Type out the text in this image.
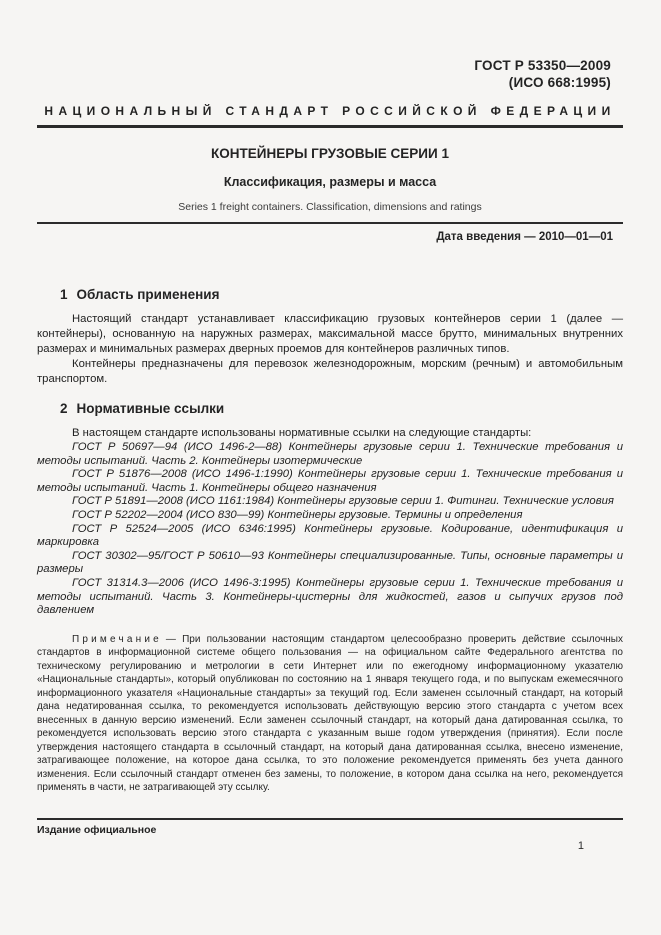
ГОСТ Р 53350—2009
(ИСО 668:1995)
НАЦИОНАЛЬНЫЙ СТАНДАРТ РОССИЙСКОЙ ФЕДЕРАЦИИ
КОНТЕЙНЕРЫ ГРУЗОВЫЕ СЕРИИ 1
Классификация, размеры и масса
Series 1 freight containers. Classification, dimensions and ratings
Дата введения — 2010—01—01
1 Область применения

Настоящий стандарт устанавливает классификацию грузовых контейнеров серии 1 (далее — контейнеры), основанную на наружных размерах, максимальной массе брутто, минимальных внутренних размерах и минимальных размерах дверных проемов для контейнеров различных типов.

Контейнеры предназначены для перевозок железнодорожным, морским (речным) и автомобильным транспортом.

2 Нормативные ссылки

В настоящем стандарте использованы нормативные ссылки на следующие стандарты:

ГОСТ Р 50697—94 (ИСО 1496-2—88) Контейнеры грузовые серии 1. Технические требования и методы испытаний. Часть 2. Контейнеры изотермические

ГОСТ Р 51876—2008 (ИСО 1496-1:1990) Контейнеры грузовые серии 1. Технические требования и методы испытаний. Часть 1. Контейнеры общего назначения

ГОСТ Р 51891—2008 (ИСО 1161:1984) Контейнеры грузовые серии 1. Фитинги. Технические условия

ГОСТ Р 52202—2004 (ИСО 830—99) Контейнеры грузовые. Термины и определения

ГОСТ Р 52524—2005 (ИСО 6346:1995) Контейнеры грузовые. Кодирование, идентификация и маркировка

ГОСТ 30302—95/ГОСТ Р 50610—93 Контейнеры специализированные. Типы, основные параметры и размеры

ГОСТ 31314.3—2006 (ИСО 1496-3:1995) Контейнеры грузовые серии 1. Технические требования и методы испытаний. Часть 3. Контейнеры-цистерны для жидкостей, газов и сыпучих грузов под давлением

Примечание — При пользовании настоящим стандартом целесообразно проверить действие ссылочных стандартов в информационной системе общего пользования — на официальном сайте Федерального агентства по техническому регулированию и метрологии в сети Интернет или по ежегодному информационному указателю «Национальные стандарты», который опубликован по состоянию на 1 января текущего года, и по выпускам ежемесячного информационного указателя «Национальные стандарты» за текущий год. Если заменен ссылочный стандарт, на который дана недатированная ссылка, то рекомендуется использовать действующую версию этого стандарта с учетом всех внесенных в данную версию изменений. Если заменен ссылочный стандарт, на который дана датированная ссылка, то рекомендуется использовать версию этого стандарта с указанным выше годом утверждения (принятия). Если после утверждения настоящего стандарта в ссылочный стандарт, на который дана датированная ссылка, внесено изменение, затрагивающее положение, на которое дана ссылка, то это положение рекомендуется применять без учета данного изменения. Если ссылочный стандарт отменен без замены, то положение, в котором дана ссылка на него, рекомендуется применять в части, не затрагивающей эту ссылку.

Издание официальное
1
